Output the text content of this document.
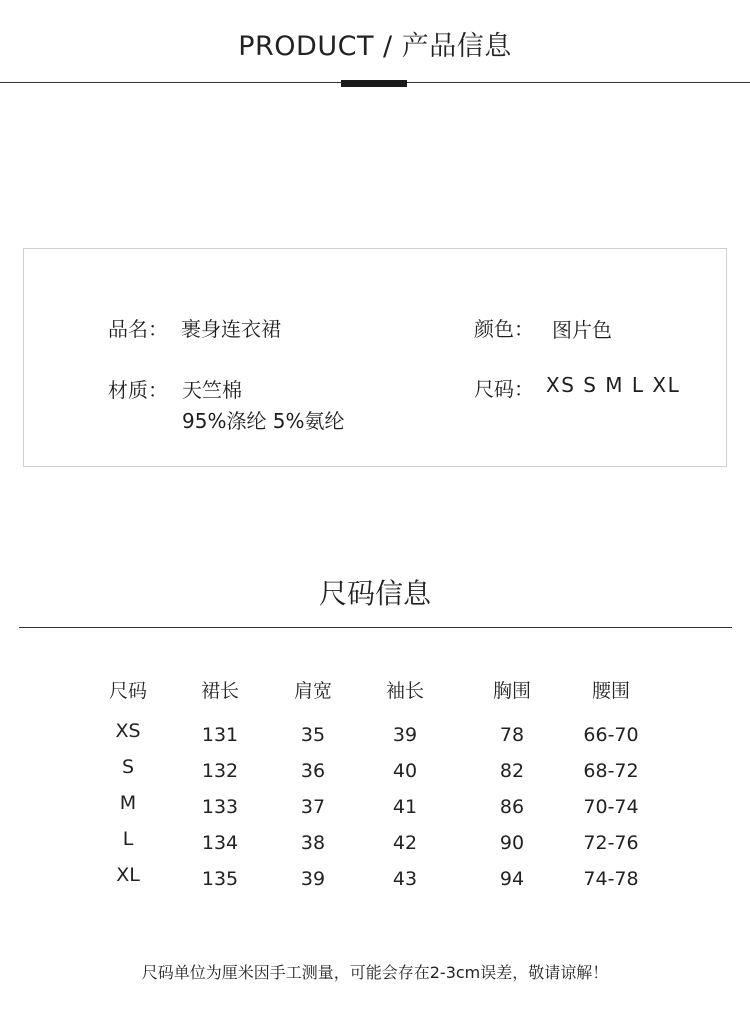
PRODUCT / 产品信息
品名： 裹身连衣裙	颜色： 图片色
材质： 天竺棉
95%涤纶 5%氨纶
尺码： XS S M L XL
尺码信息
尺码	裙长	肩宽	袖长	胸围	腰围
XS	131	35	39	78	66-70
S	132	36	40	82	68-72
M	133	37	41	86	70-74
L	134	38	42	90	72-76
XL	135	39	43	94	74-78
尺码单位为厘米因手工测量，可能会存在2-3cm误差，敬请谅解！
